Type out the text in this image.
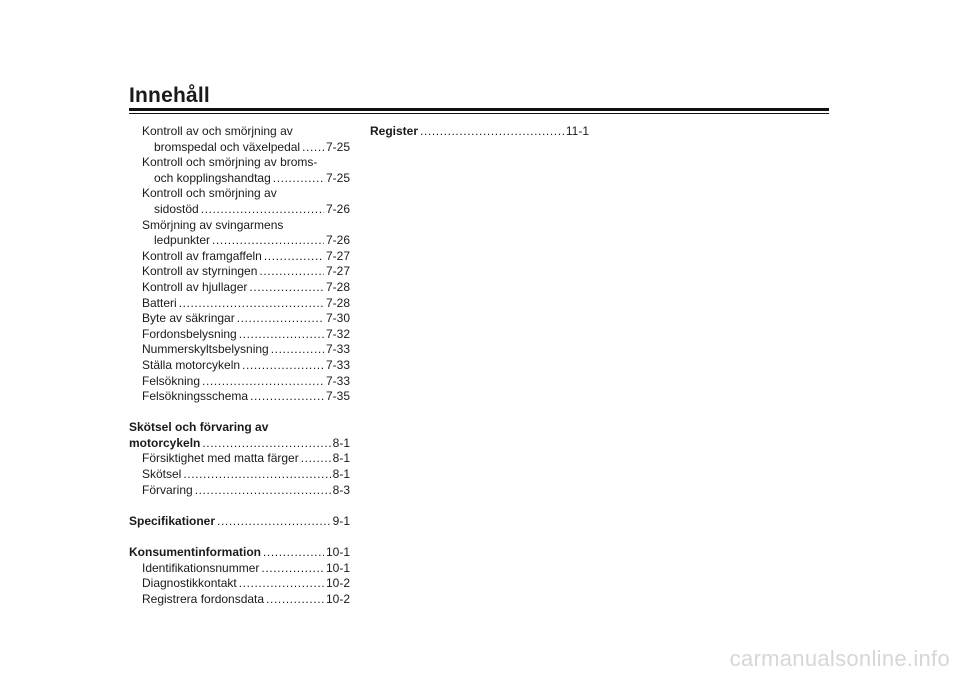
Innehåll
Kontroll av och smörjning av
bromspedal och växelpedal ..... 7-25
Kontroll och smörjning av broms-
och kopplingshandtag .....	7-25
Kontroll och smörjning av
sidostöd .....	7-26
Smörjning av svingarmens
ledpunkter .....	7-26
Kontroll av framgaffeln .....	7-27
Kontroll av styrningen .....	7-27
Kontroll av hjullager .....	7-28
Batteri .....	7-28
Byte av säkringar .....	7-30
Fordonsbelysning .....	7-32
Nummerskyltsbelysning .....	7-33
Ställa motorcykeln .....	7-33
Felsökning .....	7-33
Felsökningsschema .....	7-35
Skötsel och förvaring av
motorcykeln .....	8-1
Försiktighet med matta färger .....	8-1
Skötsel .....	8-1
Förvaring .....	8-3
Specifikationer .....	9-1
Konsumentinformation .....	10-1
Identifikationsnummer .....	10-1
Diagnostikkontakt .....	10-2
Registrera fordonsdata .....	10-2
Register .....	11-1
carmanualsonline.info
